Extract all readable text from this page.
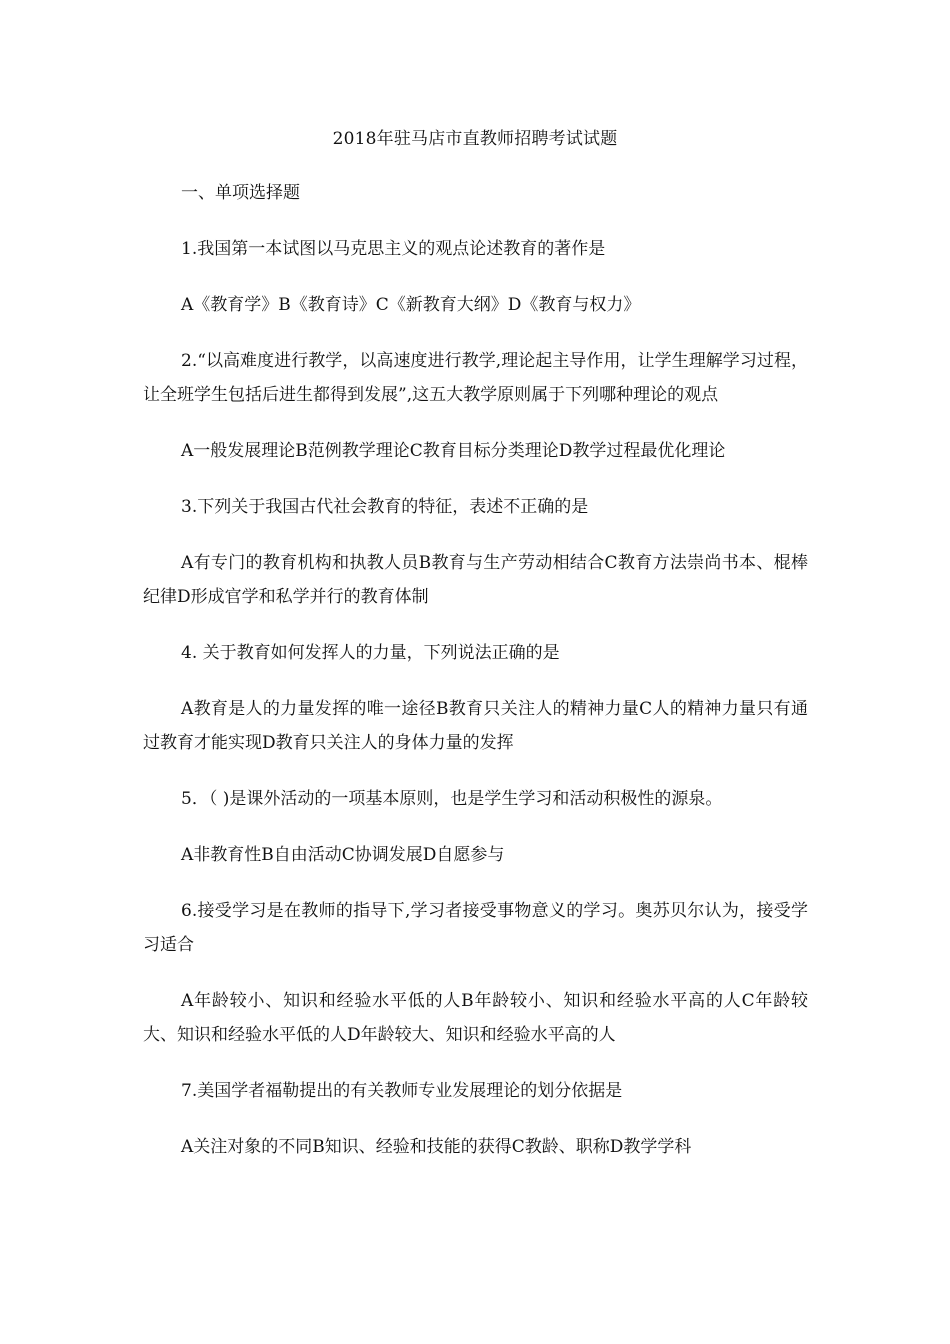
2018年驻马店市直教师招聘考试试题

一、单项选择题

1.我国第一本试图以马克思主义的观点论述教育的著作是

A《教育学》B《教育诗》C《新教育大纲》D《教育与权力》

2.“以高难度进行教学，以高速度进行教学,理论起主导作用，让学生理解学习过程，让全班学生包括后进生都得到发展”,这五大教学原则属于下列哪种理论的观点

A一般发展理论B范例教学理论C教育目标分类理论D教学过程最优化理论

3.下列关于我国古代社会教育的特征，表述不正确的是

A有专门的教育机构和执教人员B教育与生产劳动相结合C教育方法崇尚书本、棍棒纪律D形成官学和私学并行的教育体制

4. 关于教育如何发挥人的力量，下列说法正确的是

A教育是人的力量发挥的唯一途径B教育只关注人的精神力量C人的精神力量只有通过教育才能实现D教育只关注人的身体力量的发挥

5．（ )是课外活动的一项基本原则，也是学生学习和活动积极性的源泉。

A非教育性B自由活动C协调发展D自愿参与

6.接受学习是在教师的指导下,学习者接受事物意义的学习。奥苏贝尔认为，接受学习适合

A年龄较小、知识和经验水平低的人B年龄较小、知识和经验水平高的人C年龄较大、知识和经验水平低的人D年龄较大、知识和经验水平高的人

7.美国学者福勒提出的有关教师专业发展理论的划分依据是

A关注对象的不同B知识、经验和技能的获得C教龄、职称D教学学科
